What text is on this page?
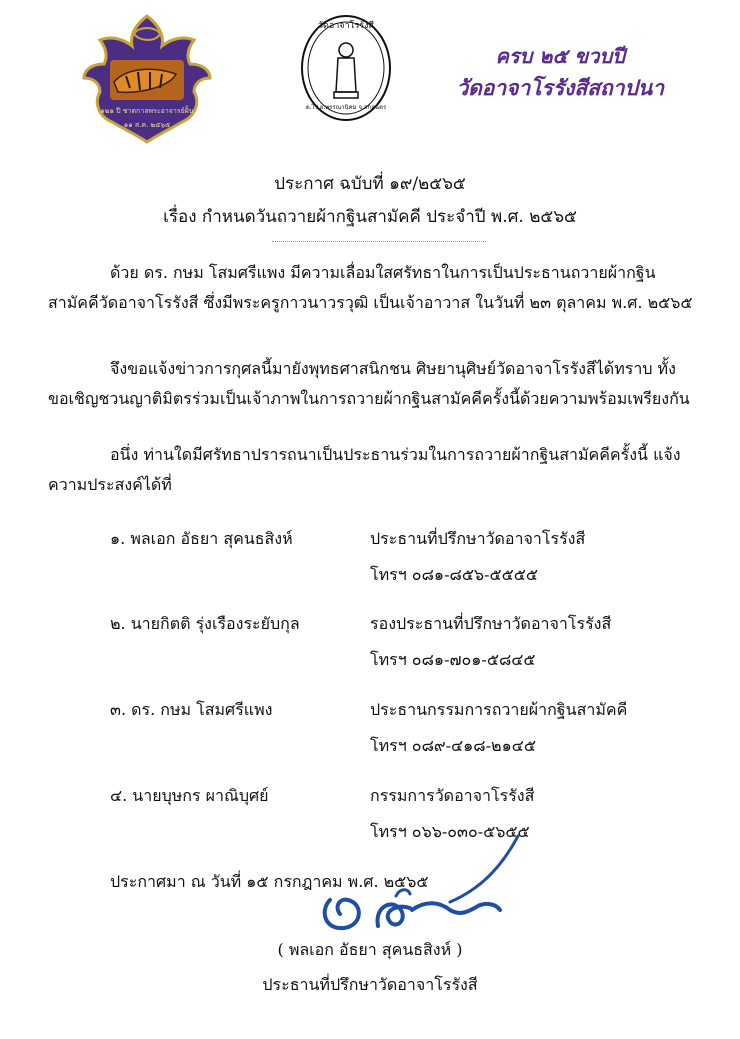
๑๒๑ ปี ชาตกาลพระอาจารย์ฝั้น
๑๑ ส.ค. ๒๕๖๕
วัดอาจาโรรังสี
ต.ไร่ อ.พรรณานิคม จ.สกลนคร
ครบ ๒๕ ขวบปี
วัดอาจาโรรังสีสถาปนา
ประกาศ ฉบับที่ ๑๙/๒๕๖๕
เรื่อง กำหนดวันถวายผ้ากฐินสามัคคี ประจำปี พ.ศ. ๒๕๖๕
ด้วย ดร. กษม โสมศรีแพง มีความเลื่อมใสศรัทธาในการเป็นประธานถวายผ้ากฐินสามัคคีวัดอาจาโรรังสี ซึ่งมีพระครูกาวนาวรวุฒิ เป็นเจ้าอาวาส ในวันที่ ๒๓ ตุลาคม พ.ศ. ๒๕๖๕
จึงขอแจ้งข่าวการกุศลนี้มายังพุทธศาสนิกชน ศิษยานุศิษย์วัดอาจาโรรังสีได้ทราบ ทั้งขอเชิญชวนญาติมิตรร่วมเป็นเจ้าภาพในการถวายผ้ากฐินสามัคคีครั้งนี้ด้วยความพร้อมเพรียงกัน
อนึ่ง ท่านใดมีศรัทธาปรารถนาเป็นประธานร่วมในการถวายผ้ากฐินสามัคคีครั้งนี้ แจ้งความประสงค์ได้ที่
๑. พลเอก อัธยา สุคนธสิงห์	ประธานที่ปรึกษาวัดอาจาโรรังสี
โทรฯ ๐๘๑-๘๕๖-๕๕๕๕
๒. นายกิตติ รุ่งเรืองระยับกุล	รองประธานที่ปรึกษาวัดอาจาโรรังสี
โทรฯ ๐๘๑-๗๐๑-๕๘๔๕
๓. ดร. กษม โสมศรีแพง	ประธานกรรมการถวายผ้ากฐินสามัคคี
โทรฯ ๐๘๙-๔๑๘-๒๑๔๕
๔. นายบุษกร ผาณิบุศย์	กรรมการวัดอาจาโรรังสี
โทรฯ ๐๖๖-๐๓๐-๕๖๕๕
ประกาศมา ณ วันที่ ๑๕ กรกฎาคม พ.ศ. ๒๕๖๕
( พลเอก อัธยา สุคนธสิงห์ )
ประธานที่ปรึกษาวัดอาจาโรรังสี
